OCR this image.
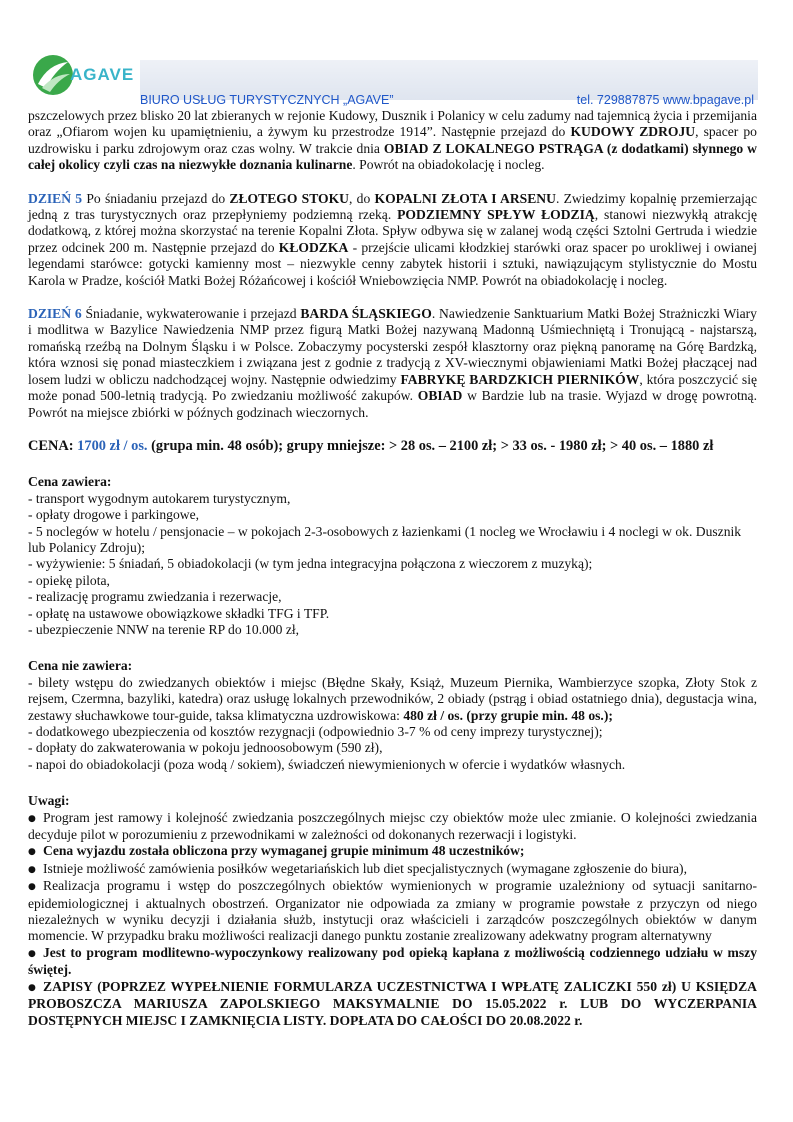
AGAVE
BIURO USŁUG TURYSTYCZNYCH „AGAVE”	tel. 729887875 www.bpagave.pl

pszczelowych przez blisko 20 lat zbieranych w rejonie Kudowy, Dusznik i Polanicy w celu zadumy nad tajemnicą życia i przemijania oraz „Ofiarom wojen ku upamiętnieniu, a żywym ku przestrodze 1914”. Następnie przejazd do KUDOWY ZDROJU, spacer po uzdrowisku i parku zdrojowym oraz czas wolny. W trakcie dnia OBIAD Z LOKALNEGO PSTRĄGA (z dodatkami) słynnego w całej okolicy czyli czas na niezwykłe doznania kulinarne. Powrót na obiadokolację i nocleg.

DZIEŃ 5 Po śniadaniu przejazd do ZŁOTEGO STOKU, do KOPALNI ZŁOTA I ARSENU. Zwiedzimy kopalnię przemierzając jedną z tras turystycznych oraz przepłyniemy podziemną rzeką. PODZIEMNY SPŁYW ŁODZIĄ, stanowi niezwykłą atrakcję dodatkową, z której można skorzystać na terenie Kopalni Złota. Spływ odbywa się w zalanej wodą części Sztolni Gertruda i wiedzie przez odcinek 200 m. Następnie przejazd do KŁODZKA - przejście ulicami kłodzkiej starówki oraz spacer po urokliwej i owianej legendami starówce: gotycki kamienny most – niezwykle cenny zabytek historii i sztuki, nawiązującym stylistycznie do Mostu Karola w Pradze, kościół Matki Bożej Różańcowej i kościół Wniebowzięcia NMP. Powrót na obiadokolację i nocleg.

DZIEŃ 6 Śniadanie, wykwaterowanie i przejazd BARDA ŚLĄSKIEGO. Nawiedzenie Sanktuarium Matki Bożej Strażniczki Wiary i modlitwa w Bazylice Nawiedzenia NMP przez figurą Matki Bożej nazywaną Madonną Uśmiechniętą i Tronującą - najstarszą, romańską rzeźbą na Dolnym Śląsku i w Polsce. Zobaczymy pocysterski zespół klasztorny oraz piękną panoramę na Górę Bardzką, która wznosi się ponad miasteczkiem i związana jest z godnie z tradycją z XV-wiecznymi objawieniami Matki Bożej płaczącej nad losem ludzi w obliczu nadchodzącej wojny. Następnie odwiedzimy FABRYKĘ BARDZKICH PIERNIKÓW, która poszczycić się może ponad 500-letnią tradycją. Po zwiedzaniu możliwość zakupów. OBIAD w Bardzie lub na trasie. Wyjazd w drogę powrotną. Powrót na miejsce zbiórki w późnych godzinach wieczornych.

CENA: 1700 zł / os. (grupa min. 48 osób); grupy mniejsze: > 28 os. – 2100 zł; > 33 os. - 1980 zł; > 40 os. – 1880 zł

Cena zawiera:

- transport wygodnym autokarem turystycznym,

- opłaty drogowe i parkingowe,

- 5 noclegów w hotelu / pensjonacie – w pokojach 2-3-osobowych z łazienkami (1 nocleg we Wrocławiu i 4 noclegi w ok. Dusznik lub Polanicy Zdroju);

- wyżywienie: 5 śniadań, 5 obiadokolacji (w tym jedna integracyjna połączona z wieczorem z muzyką);

- opiekę pilota,

- realizację programu zwiedzania i rezerwacje,

- opłatę na ustawowe obowiązkowe składki TFG i TFP.

- ubezpieczenie NNW na terenie RP do 10.000 zł,

Cena nie zawiera:

- bilety wstępu do zwiedzanych obiektów i miejsc (Błędne Skały, Książ, Muzeum Piernika, Wambierzyce szopka, Złoty Stok z rejsem, Czermna, bazyliki, katedra) oraz usługę lokalnych przewodników, 2 obiady (pstrąg i obiad ostatniego dnia), degustacja wina, zestawy słuchawkowe tour-guide, taksa klimatyczna uzdrowiskowa: 480 zł / os. (przy grupie min. 48 os.);

- dodatkowego ubezpieczenia od kosztów rezygnacji (odpowiednio 3-7 % od ceny imprezy turystycznej);

- dopłaty do zakwaterowania w pokoju jednoosobowym (590 zł),

- napoi do obiadokolacji (poza wodą / sokiem), świadczeń niewymienionych w ofercie i wydatków własnych.

Uwagi:

● Program jest ramowy i kolejność zwiedzania poszczególnych miejsc czy obiektów może ulec zmianie. O kolejności zwiedzania decyduje pilot w porozumieniu z przewodnikami w zależności od dokonanych rezerwacji i logistyki.
● Cena wyjazdu została obliczona przy wymaganej grupie minimum 48 uczestników;
● Istnieje możliwość zamówienia posiłków wegetariańskich lub diet specjalistycznych (wymagane zgłoszenie do biura),
● Realizacja programu i wstęp do poszczególnych obiektów wymienionych w programie uzależniony od sytuacji sanitarno-epidemiologicznej i aktualnych obostrzeń. Organizator nie odpowiada za zmiany w programie powstałe z przyczyn od niego niezależnych w wyniku decyzji i działania służb, instytucji oraz właścicieli i zarządców poszczególnych obiektów w danym momencie. W przypadku braku możliwości realizacji danego punktu zostanie zrealizowany adekwatny program alternatywny
● Jest to program modlitewno-wypoczynkowy realizowany pod opieką kapłana z możliwością codziennego udziału w mszy świętej.
● ZAPISY (POPRZEZ WYPEŁNIENIE FORMULARZA UCZESTNICTWA I WPŁATĘ ZALICZKI 550 zł) U KSIĘDZA PROBOSZCZA MARIUSZA ZAPOLSKIEGO MAKSYMALNIE DO 15.05.2022 r. LUB DO WYCZERPANIA DOSTĘPNYCH MIEJSC I ZAMKNIĘCIA LISTY. DOPŁATA DO CAŁOŚCI DO 20.08.2022 r.
